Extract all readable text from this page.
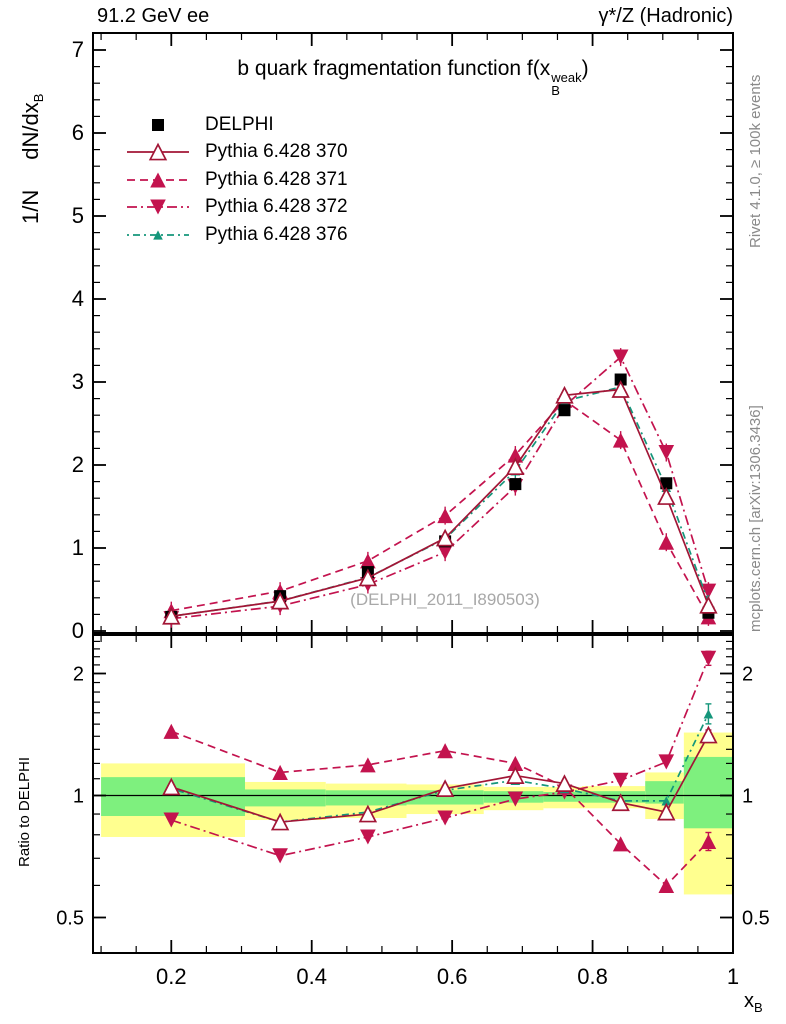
0.2	0.4	0.6	0.8	1
0
1
2
3
4
5
6
7
2	2
1	1
0.5	0.5
91.2 GeV ee	γ*/Z (Hadronic)
b quark fragmentation function f(x weak
B
)
DELPHI
Pythia 6.428 370
Pythia 6.428 371
Pythia 6.428 372
Pythia 6.428 376
(DELPHI_2011_I890503)
$1/NdN/dx_B$	Rivet 4.1.0, ≥ 100k events
mcplots.cern.ch [arXiv:1306.3436]
Ratio to DELPHI
$x_B$
